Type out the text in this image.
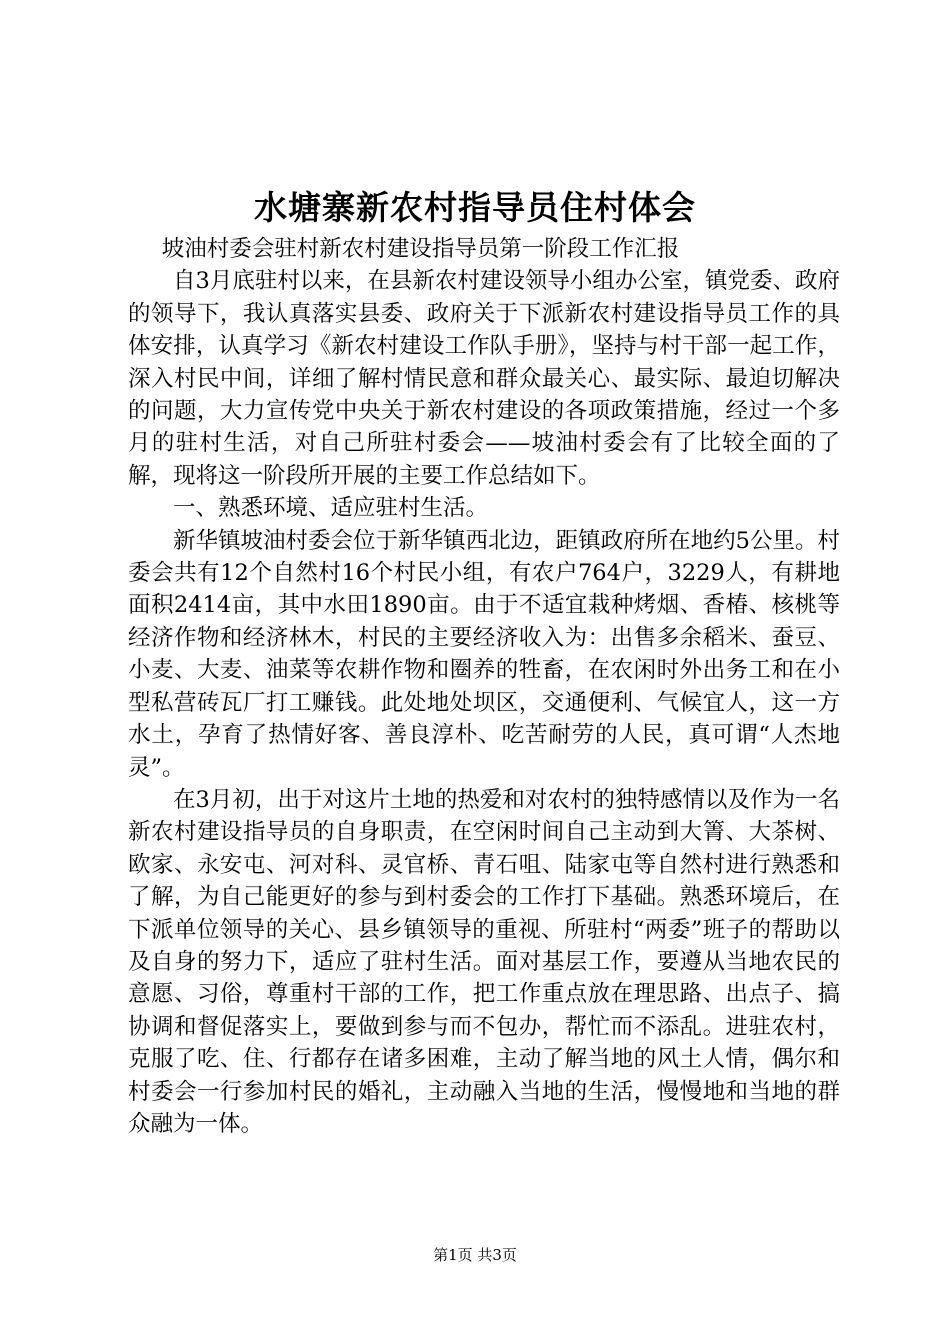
水塘寨新农村指导员住村体会

坡油村委会驻村新农村建设指导员第一阶段工作汇报

自3月底驻村以来，在县新农村建设领导小组办公室，镇党委、政府的领导下，我认真落实县委、政府关于下派新农村建设指导员工作的具体安排，认真学习《新农村建设工作队手册》，坚持与村干部一起工作，深入村民中间，详细了解村情民意和群众最关心、最实际、最迫切解决的问题，大力宣传党中央关于新农村建设的各项政策措施，经过一个多月的驻村生活，对自己所驻村委会——坡油村委会有了比较全面的了解，现将这一阶段所开展的主要工作总结如下。

一、熟悉环境、适应驻村生活。

新华镇坡油村委会位于新华镇西北边，距镇政府所在地约5公里。村委会共有12个自然村16个村民小组，有农户764户，3229人，有耕地面积2414亩，其中水田1890亩。由于不适宜栽种烤烟、香椿、核桃等经济作物和经济林木，村民的主要经济收入为：出售多余稻米、蚕豆、小麦、大麦、油菜等农耕作物和圈养的牲畜，在农闲时外出务工和在小型私营砖瓦厂打工赚钱。此处地处坝区，交通便利、气候宜人，这一方水土，孕育了热情好客、善良淳朴、吃苦耐劳的人民，真可谓“人杰地灵”。

在3月初，出于对这片土地的热爱和对农村的独特感情以及作为一名新农村建设指导员的自身职责，在空闲时间自己主动到大箐、大茶树、欧家、永安屯、河对科、灵官桥、青石咀、陆家屯等自然村进行熟悉和了解，为自己能更好的参与到村委会的工作打下基础。熟悉环境后，在下派单位领导的关心、县乡镇领导的重视、所驻村“两委”班子的帮助以及自身的努力下，适应了驻村生活。面对基层工作，要遵从当地农民的意愿、习俗，尊重村干部的工作，把工作重点放在理思路、出点子、搞协调和督促落实上，要做到参与而不包办，帮忙而不添乱。进驻农村，克服了吃、住、行都存在诸多困难，主动了解当地的风土人情，偶尔和村委会一行参加村民的婚礼，主动融入当地的生活，慢慢地和当地的群众融为一体。

第1页 共3页
